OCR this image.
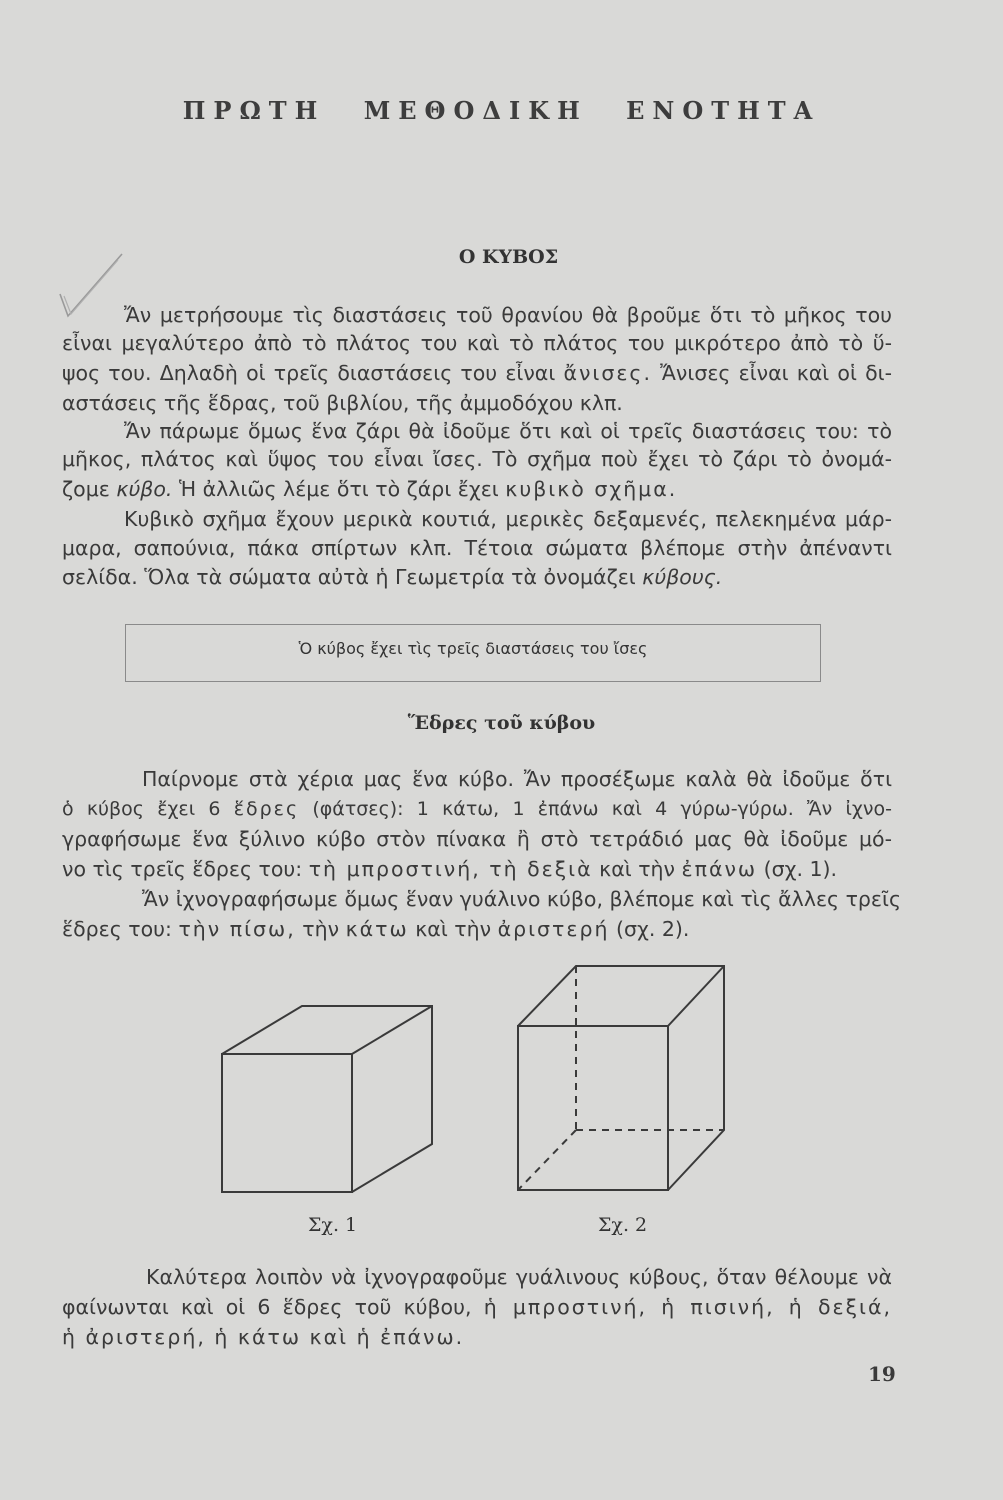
ΠΡΩΤΗ ΜΕΘΟΔΙΚΗ ΕΝΟΤΗΤΑ
Ο ΚΥΒΟΣ
Ἄν μετρήσουμε τὶς διαστάσεις τοῦ θρανίου θὰ βροῦμε ὅτι τὸ μῆκος του
εἶναι μεγαλύτερο ἀπὸ τὸ πλάτος του καὶ τὸ πλάτος του μικρότερο ἀπὸ τὸ ὕ-
ψος του. Δηλαδὴ οἱ τρεῖς διαστάσεις του εἶναι ἄνισες. Ἄνισες εἶναι καὶ οἱ δι-
αστάσεις τῆς ἕδρας, τοῦ βιβλίου, τῆς ἀμμοδόχου κλπ.
Ἄν πάρωμε ὅμως ἕνα ζάρι θὰ ἰδοῦμε ὅτι καὶ οἱ τρεῖς διαστάσεις του: τὸ
μῆκος, πλάτος καὶ ὕψος του εἶναι ἴσες. Τὸ σχῆμα ποὺ ἔχει τὸ ζάρι τὸ ὀνομά-
ζομε κύβο. Ἡ ἀλλιῶς λέμε ὅτι τὸ ζάρι ἔχει κυβικὸ σχῆμα.
Κυβικὸ σχῆμα ἔχουν μερικὰ κουτιά, μερικὲς δεξαμενές, πελεκημένα μάρ-
μαρα, σαπούνια, πάκα σπίρτων κλπ. Τέτοια σώματα βλέπομε στὴν ἀπέναντι
σελίδα. Ὅλα τὰ σώματα αὐτὰ ἡ Γεωμετρία τὰ ὀνομάζει κύβους.
Ὁ κύβος ἔχει τὶς τρεῖς διαστάσεις του ἴσες
Ἕδρες τοῦ κύβου
Παίρνομε στὰ χέρια μας ἕνα κύβο. Ἄν προσέξωμε καλὰ θὰ ἰδοῦμε ὅτι
ὁ κύβος ἔχει 6 ἕδρες (φάτσες): 1 κάτω, 1 ἐπάνω καὶ 4 γύρω-γύρω. Ἄν ἰχνο-
γραφήσωμε ἕνα ξύλινο κύβο στὸν πίνακα ἢ στὸ τετράδιό μας θὰ ἰδοῦμε μό-
νο τὶς τρεῖς ἕδρες του: τὴ μπροστινή, τὴ δεξιὰ καὶ τὴν ἐπάνω (σχ. 1).
Ἄν ἰχνογραφήσωμε ὅμως ἕναν γυάλινο κύβο, βλέπομε καὶ τὶς ἄλλες τρεῖς
ἕδρες του: τὴν πίσω, τὴν κάτω καὶ τὴν ἀριστερή (σχ. 2).
Σχ. 1	Σχ. 2
Καλύτερα λοιπὸν νὰ ἰχνογραφοῦμε γυάλινους κύβους, ὅταν θέλουμε νὰ
φαίνωνται καὶ οἱ 6 ἕδρες τοῦ κύβου, ἡ μπροστινή, ἡ πισινή, ἡ δεξιά,
ἡ ἀριστερή, ἡ κάτω καὶ ἡ ἐπάνω.
19
